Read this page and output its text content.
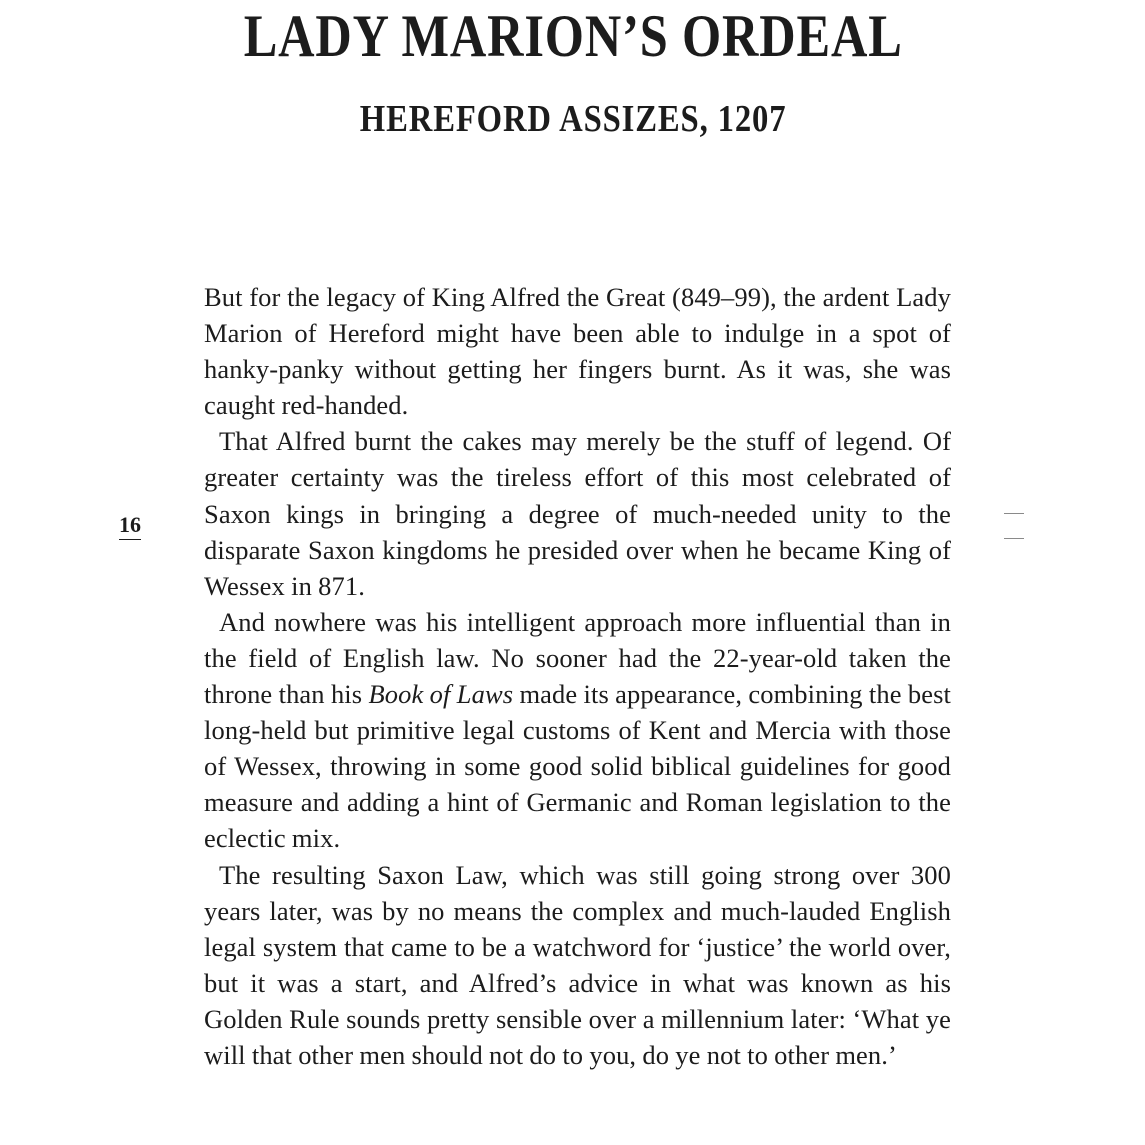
LADY MARION’S ORDEAL
HEREFORD ASSIZES, 1207
16

But for the legacy of King Alfred the Great (849–99), the ardent Lady Marion of Hereford might have been able to indulge in a spot of hanky-panky without getting her fingers burnt. As it was, she was caught red-handed.

That Alfred burnt the cakes may merely be the stuff of legend. Of greater certainty was the tireless effort of this most celebrated of Saxon kings in bringing a degree of much-needed unity to the disparate Saxon kingdoms he presided over when he became King of Wessex in 871.

And nowhere was his intelligent approach more influential than in the field of English law. No sooner had the 22-year-old taken the throne than his Book of Laws made its appearance, combining the best long-held but primitive legal customs of Kent and Mercia with those of Wessex, throwing in some good solid biblical guidelines for good measure and adding a hint of Germanic and Roman legislation to the eclectic mix.

The resulting Saxon Law, which was still going strong over 300 years later, was by no means the complex and much-lauded English legal system that came to be a watchword for ‘justice’ the world over, but it was a start, and Alfred’s advice in what was known as his Golden Rule sounds pretty sensible over a millennium later: ‘What ye will that other men should not do to you, do ye not to other men.’
